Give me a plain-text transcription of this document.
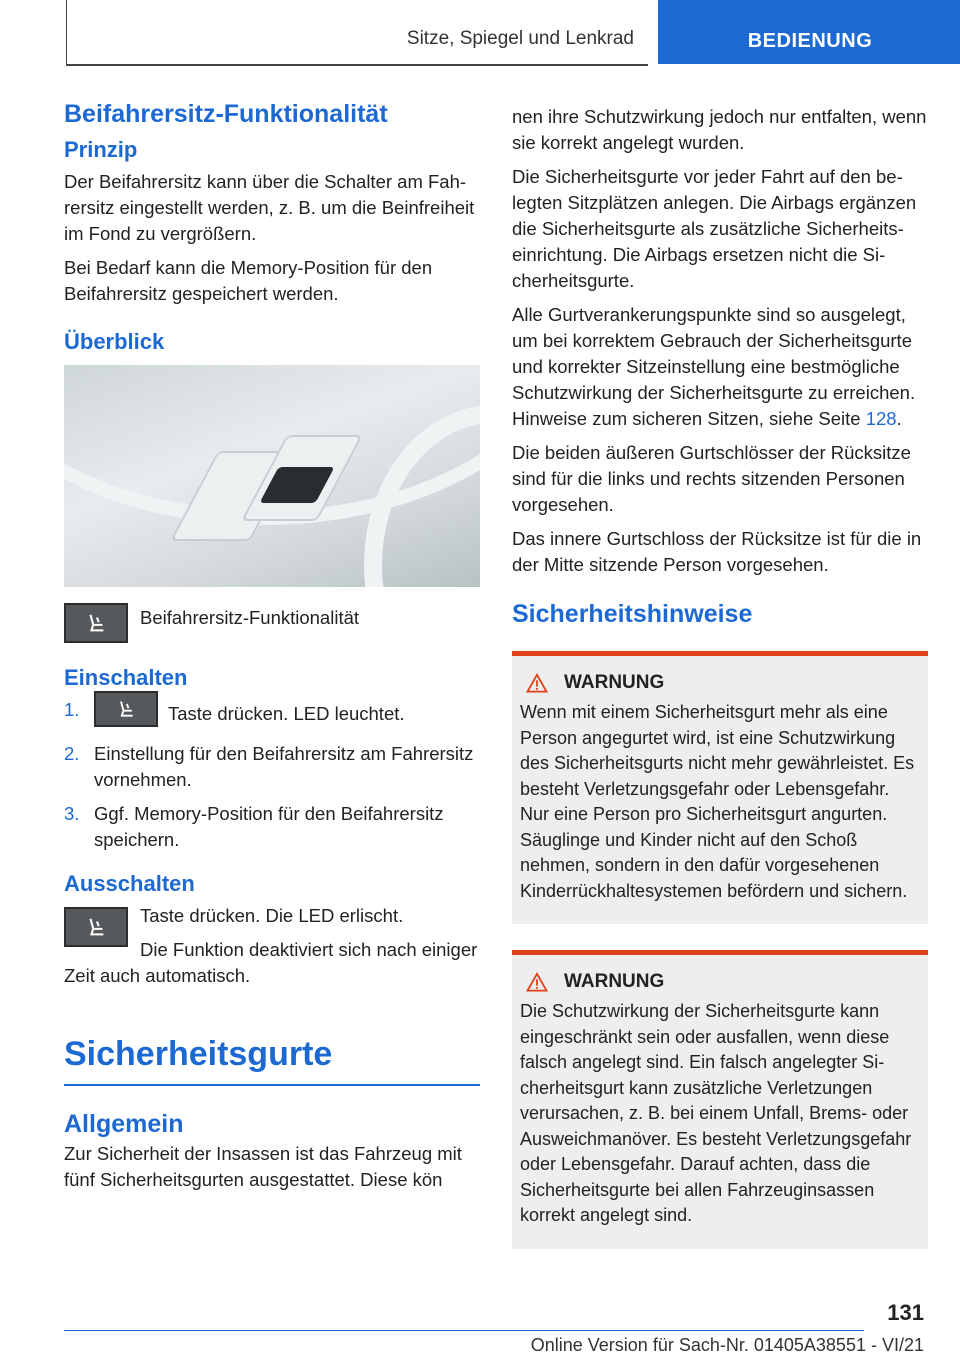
Sitze, Spiegel und Lenkrad	BEDIENUNG
Beifahrersitz-Funktionalität
Prinzip

Der Beifahrersitz kann über die Schalter am Fahrersitz eingestellt werden, z. B. um die Beinfreiheit im Fond zu vergrößern.

Bei Bedarf kann die Memory-Position für den Beifahrersitz gespeichert werden.

Überblick
Beifahrersitz-Funktionalität
Einschalten
1.	Taste drücken. LED leuchtet.
2. Einstellung für den Beifahrersitz am Fahrersitz vornehmen.
3. Ggf. Memory-Position für den Beifahrersitz speichern.
Ausschalten

Taste drücken. Die LED erlischt.

Die Funktion deaktiviert sich nach einiger Zeit auch automatisch.

Sicherheitsgurte
Allgemein

Zur Sicherheit der Insassen ist das Fahrzeug mit fünf Sicherheitsgurten ausgestattet. Diese kön

nen ihre Schutzwirkung jedoch nur entfalten, wenn sie korrekt angelegt wurden.

Die Sicherheitsgurte vor jeder Fahrt auf den belegten Sitzplätzen anlegen. Die Airbags ergänzen die Sicherheitsgurte als zusätzliche Sicherheitseinrichtung. Die Airbags ersetzen nicht die Sicherheitsgurte.

Alle Gurtverankerungspunkte sind so ausgelegt, um bei korrektem Gebrauch der Sicherheitsgurte und korrekter Sitzeinstellung eine bestmögliche Schutzwirkung der Sicherheitsgurte zu erreichen. Hinweise zum sicheren Sitzen, siehe Seite 128.

Die beiden äußeren Gurtschlösser der Rücksitze sind für die links und rechts sitzenden Personen vorgesehen.

Das innere Gurtschloss der Rücksitze ist für die in der Mitte sitzende Person vorgesehen.

Sicherheitshinweise
WARNUNG

Wenn mit einem Sicherheitsgurt mehr als eine Person angegurtet wird, ist eine Schutzwirkung des Sicherheitsgurts nicht mehr gewährleistet. Es besteht Verletzungsgefahr oder Lebensgefahr. Nur eine Person pro Sicherheitsgurt angurten. Säuglinge und Kinder nicht auf den Schoß nehmen, sondern in den dafür vorgesehenen Kinderrückhaltesystemen befördern und sichern.

WARNUNG

Die Schutzwirkung der Sicherheitsgurte kann eingeschränkt sein oder ausfallen, wenn diese falsch angelegt sind. Ein falsch angelegter Sicherheitsgurt kann zusätzliche Verletzungen verursachen, z. B. bei einem Unfall, Brems- oder Ausweichmanöver. Es besteht Verletzungsgefahr oder Lebensgefahr. Darauf achten, dass die Sicherheitsgurte bei allen Fahrzeuginsassen korrekt angelegt sind.

131
Online Version für Sach-Nr. 01405A38551 - VI/21
